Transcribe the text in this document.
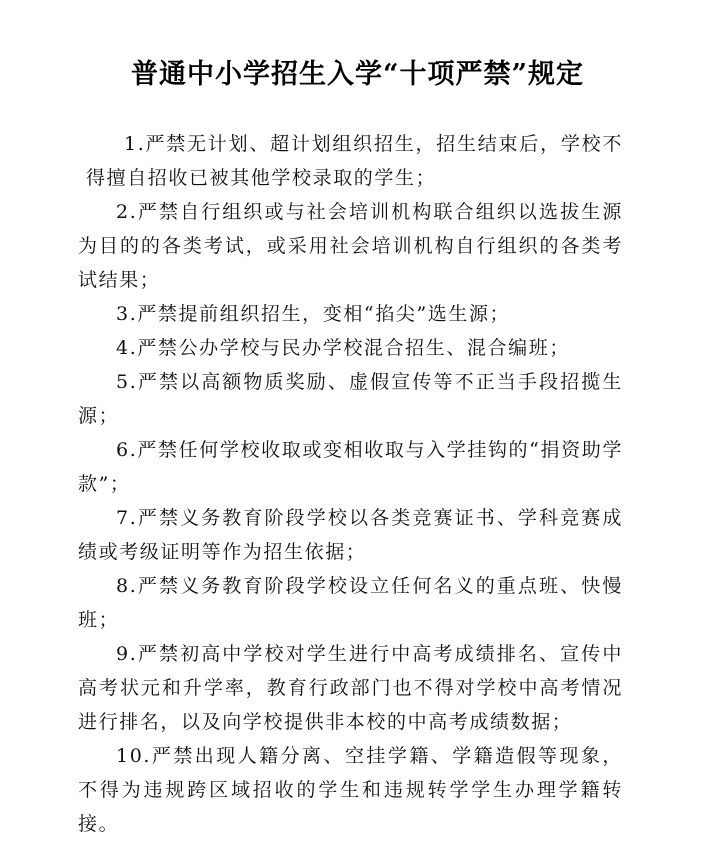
普通中小学招生入学“十项严禁”规定

1.严禁无计划、超计划组织招生，招生结束后，学校不得擅自招收已被其他学校录取的学生；

2.严禁自行组织或与社会培训机构联合组织以选拔生源为目的的各类考试，或采用社会培训机构自行组织的各类考试结果；

3.严禁提前组织招生，变相“掐尖”选生源；

4.严禁公办学校与民办学校混合招生、混合编班；

5.严禁以高额物质奖励、虚假宣传等不正当手段招揽生源；

6.严禁任何学校收取或变相收取与入学挂钩的“捐资助学款”；

7.严禁义务教育阶段学校以各类竞赛证书、学科竞赛成绩或考级证明等作为招生依据；

8.严禁义务教育阶段学校设立任何名义的重点班、快慢班；

9.严禁初高中学校对学生进行中高考成绩排名、宣传中高考状元和升学率，教育行政部门也不得对学校中高考情况进行排名，以及向学校提供非本校的中高考成绩数据；

10.严禁出现人籍分离、空挂学籍、学籍造假等现象，不得为违规跨区域招收的学生和违规转学学生办理学籍转接。
